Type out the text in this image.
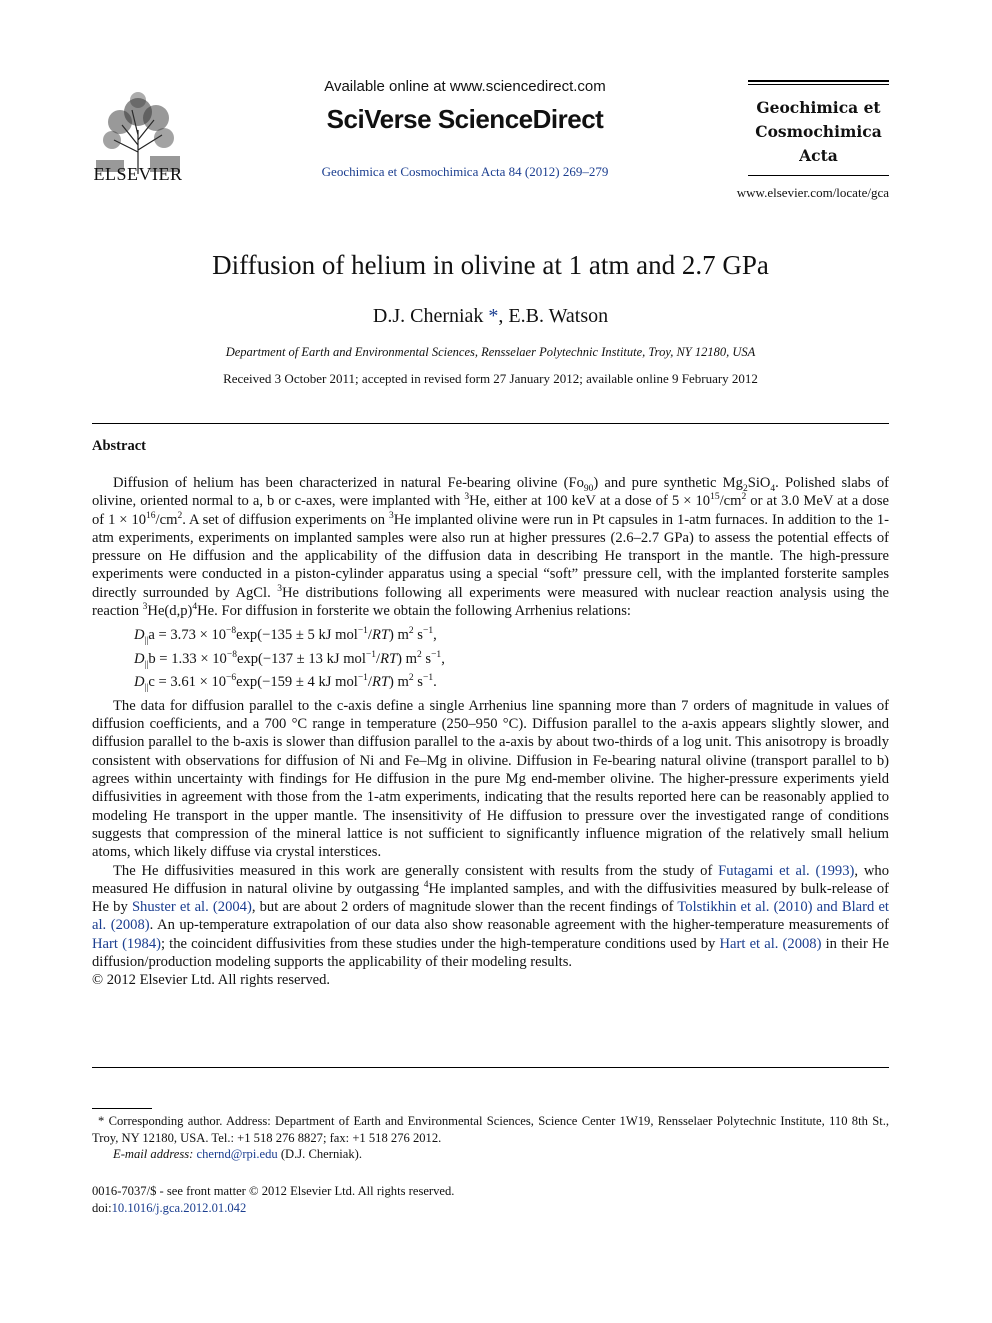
ELSEVIER
Available online at www.sciencedirect.com
SciVerse ScienceDirect
Geochimica et Cosmochimica Acta 84 (2012) 269–279
Geochimica et
Cosmochimica
Acta
www.elsevier.com/locate/gca
Diffusion of helium in olivine at 1 atm and 2.7 GPa
D.J. Cherniak *, E.B. Watson
Department of Earth and Environmental Sciences, Rensselaer Polytechnic Institute, Troy, NY 12180, USA
Received 3 October 2011; accepted in revised form 27 January 2012; available online 9 February 2012
Abstract

Diffusion of helium has been characterized in natural Fe-bearing olivine $(Fo_{90})$ and pure synthetic $Mg_2SiO_4$. Polished slabs of olivine, oriented normal to a, b or c-axes, were implanted with $^3$He, either at 100 keV at a dose of $5 \times 10^{15}/cm^2$ or at 3.0 MeV at a dose of $1 \times 10^{16}/cm^2$. A set of diffusion experiments on $^3$He implanted olivine were run in Pt capsules in 1-atm furnaces. In addition to the 1-atm experiments, experiments on implanted samples were also run at higher pressures (2.6–2.7 GPa) to assess the potential effects of pressure on He diffusion and the applicability of the diffusion data in describing He transport in the mantle. The high-pressure experiments were conducted in a piston-cylinder apparatus using a special “soft” pressure cell, with the implanted forsterite samples directly surrounded by AgCl. $^3$He distributions following all experiments were measured with nuclear reaction analysis using the reaction $^3He(d,p)^4He$. For diffusion in forsterite we obtain the following Arrhenius relations:

$D_{||}a = 3.73 \times 10^{-8}\exp(-135 \pm 5$ kJ mol$^{-1}$/RT) $m^2$ $s^{-1}$,
$D_{||}b = 1.33 \times 10^{-8}\exp(-137 \pm 13$ kJ mol$^{-1}$/RT) $m^2$ $s^{-1}$,
$D_{||}c = 3.61 \times 10^{-6}\exp(-159 \pm 4$ kJ mol$^{-1}$/RT) $m^2$ $s^{-1}$.

The data for diffusion parallel to the c-axis define a single Arrhenius line spanning more than 7 orders of magnitude in values of diffusion coefficients, and a 700 °C range in temperature (250–950 °C). Diffusion parallel to the a-axis appears slightly slower, and diffusion parallel to the b-axis is slower than diffusion parallel to the a-axis by about two-thirds of a log unit. This anisotropy is broadly consistent with observations for diffusion of Ni and Fe–Mg in olivine. Diffusion in Fe-bearing natural olivine (transport parallel to b) agrees within uncertainty with findings for He diffusion in the pure Mg end-member olivine. The higher-pressure experiments yield diffusivities in agreement with those from the 1-atm experiments, indicating that the results reported here can be reasonably applied to modeling He transport in the upper mantle. The insensitivity of He diffusion to pressure over the investigated range of conditions suggests that compression of the mineral lattice is not sufficient to significantly influence migration of the relatively small helium atoms, which likely diffuse via crystal interstices.

The He diffusivities measured in this work are generally consistent with results from the study of Futagami et al. (1993), who measured He diffusion in natural olivine by outgassing $^4$He implanted samples, and with the diffusivities measured by bulk-release of He by Shuster et al. (2004), but are about 2 orders of magnitude slower than the recent findings of Tolstikhin et al. (2010) and Blard et al. (2008). An up-temperature extrapolation of our data also show reasonable agreement with the higher-temperature measurements of Hart (1984); the coincident diffusivities from these studies under the high-temperature conditions used by Hart et al. (2008) in their He diffusion/production modeling supports the applicability of their modeling results.

© 2012 Elsevier Ltd. All rights reserved.

* Corresponding author. Address: Department of Earth and Environmental Sciences, Science Center 1W19, Rensselaer Polytechnic Institute, 110 8th St., Troy, NY 12180, USA. Tel.: +1 518 276 8827; fax: +1 518 276 2012.

E-mail address: chernd@rpi.edu (D.J. Cherniak).

0016-7037/$ - see front matter © 2012 Elsevier Ltd. All rights reserved.
doi:10.1016/j.gca.2012.01.042
